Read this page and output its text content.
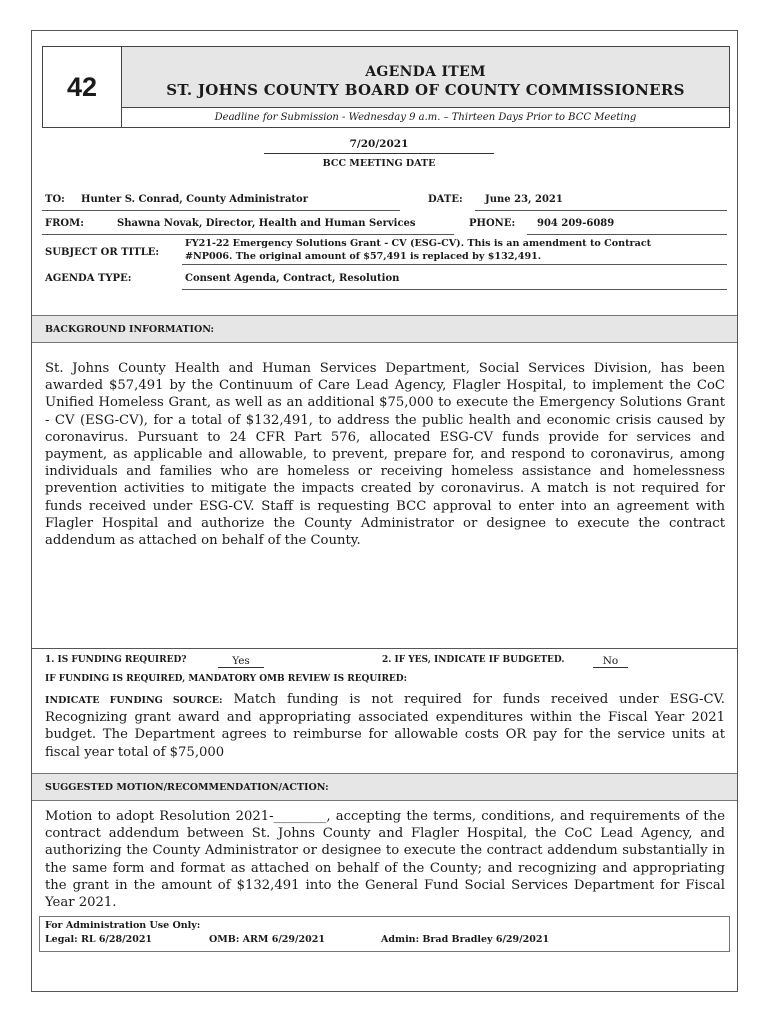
42	AGENDA ITEM
ST. JOHNS COUNTY BOARD OF COUNTY COMMISSIONERS
Deadline for Submission - Wednesday 9 a.m. – Thirteen Days Prior to BCC Meeting
7/20/2021
BCC MEETING DATE
TO: Hunter S. Conrad, County Administrator	DATE: June 23, 2021
FROM:	Shawna Novak, Director, Health and Human Services	PHONE: 904 209-6089
SUBJECT OR TITLE:
FY21-22 Emergency Solutions Grant - CV (ESG-CV). This is an amendment to Contract
#NP006. The original amount of $57,491 is replaced by $132,491.
AGENDA TYPE:	Consent Agenda, Contract, Resolution
BACKGROUND INFORMATION:
St. Johns County Health and Human Services Department, Social Services Division, has been awarded $57,491 by the Continuum of Care Lead Agency, Flagler Hospital, to implement the CoC Unified Homeless Grant, as well as an additional $75,000 to execute the Emergency Solutions Grant - CV (ESG-CV), for a total of $132,491, to address the public health and economic crisis caused by coronavirus. Pursuant to 24 CFR Part 576, allocated ESG-CV funds provide for services and payment, as applicable and allowable, to prevent, prepare for, and respond to coronavirus, among individuals and families who are homeless or receiving homeless assistance and homelessness prevention activities to mitigate the impacts created by coronavirus. A match is not required for funds received under ESG-CV. Staff is requesting BCC approval to enter into an agreement with Flagler Hospital and authorize the County Administrator or designee to execute the contract addendum as attached on behalf of the County.
1. IS FUNDING REQUIRED?	Yes	2. IF YES, INDICATE IF BUDGETED.	No
IF FUNDING IS REQUIRED, MANDATORY OMB REVIEW IS REQUIRED:
INDICATE FUNDING SOURCE: Match funding is not required for funds received under ESG-CV. Recognizing grant award and appropriating associated expenditures within the Fiscal Year 2021 budget. The Department agrees to reimburse for allowable costs OR pay for the service units at fiscal year total of $75,000
SUGGESTED MOTION/RECOMMENDATION/ACTION:
Motion to adopt Resolution 2021-________, accepting the terms, conditions, and requirements of the contract addendum between St. Johns County and Flagler Hospital, the CoC Lead Agency, and authorizing the County Administrator or designee to execute the contract addendum substantially in the same form and format as attached on behalf of the County; and recognizing and appropriating the grant in the amount of $132,491 into the General Fund Social Services Department for Fiscal Year 2021.
For Administration Use Only:
Legal: RL 6/28/2021	OMB: ARM 6/29/2021	Admin: Brad Bradley 6/29/2021
